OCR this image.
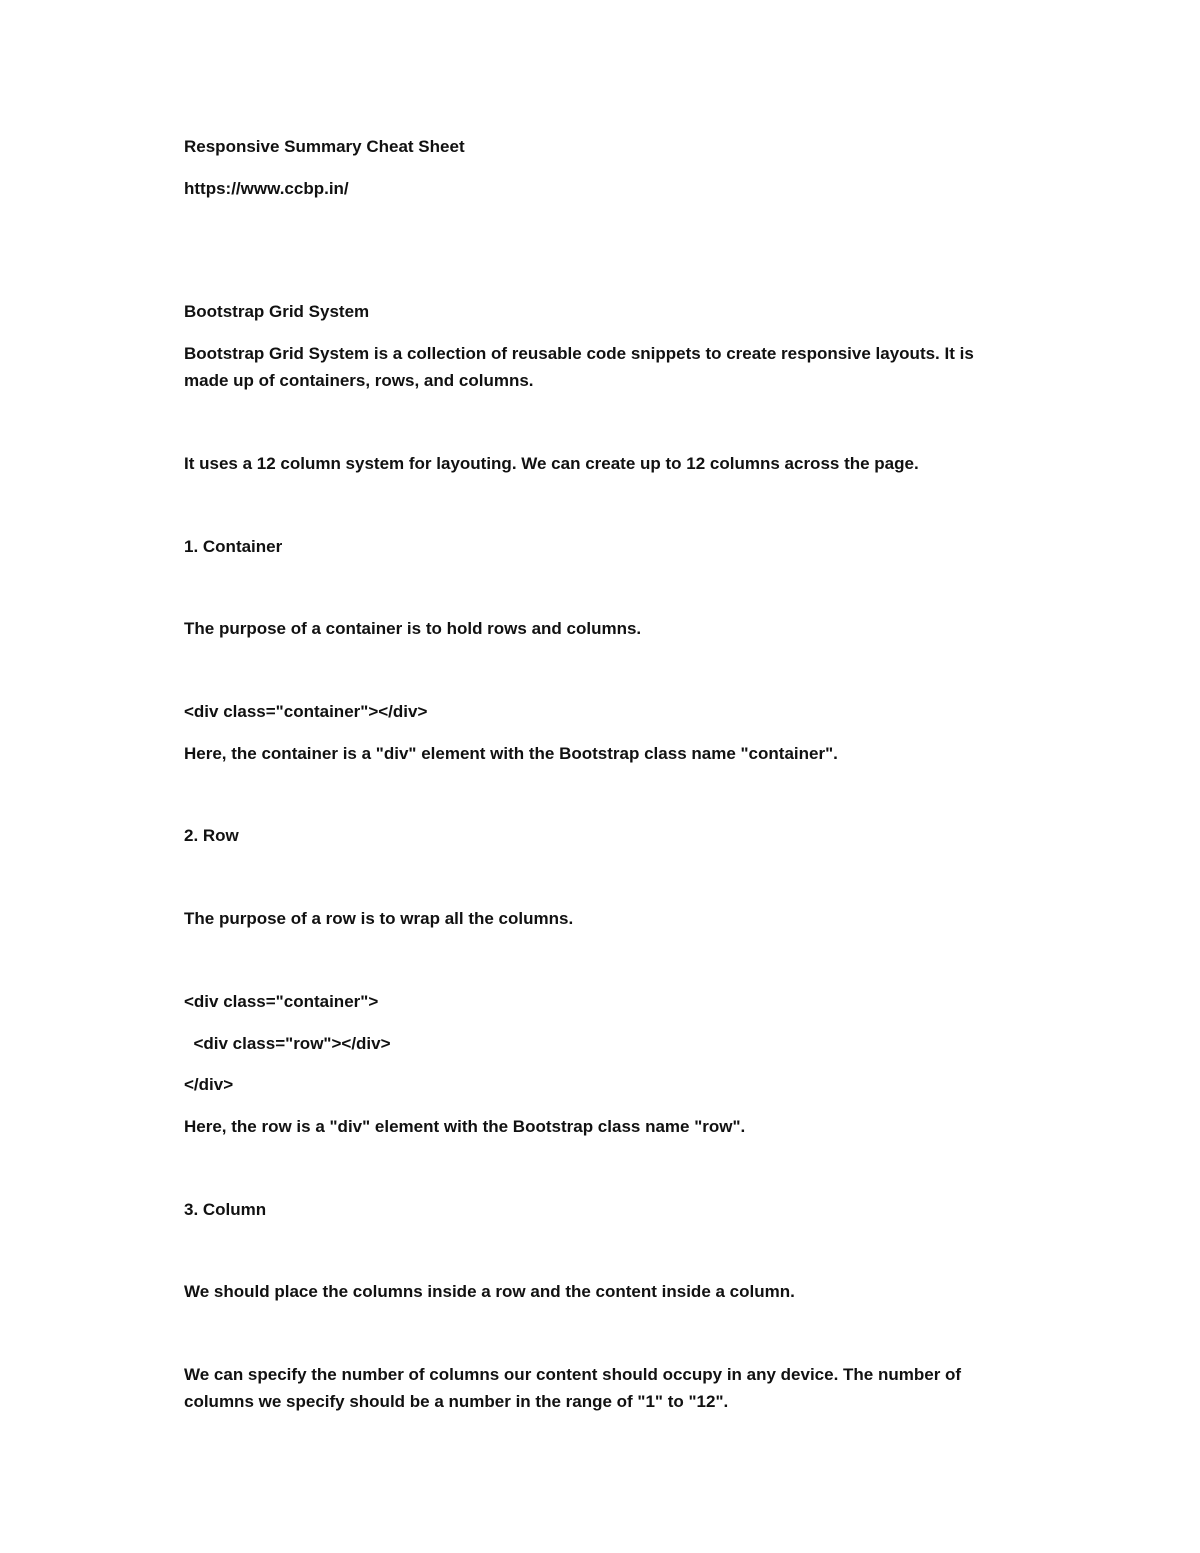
Responsive Summary Cheat Sheet
https://www.ccbp.in/
Bootstrap Grid System
Bootstrap Grid System is a collection of reusable code snippets to create responsive layouts. It is
made up of containers, rows, and columns.
It uses a 12 column system for layouting. We can create up to 12 columns across the page.
1. Container
The purpose of a container is to hold rows and columns.
<div class="container"></div>
Here, the container is a "div" element with the Bootstrap class name "container".
2. Row
The purpose of a row is to wrap all the columns.
<div class="container">
<div class="row"></div>
</div>
Here, the row is a "div" element with the Bootstrap class name "row".
3. Column
We should place the columns inside a row and the content inside a column.
We can specify the number of columns our content should occupy in any device. The number of
columns we specify should be a number in the range of "1" to "12".
